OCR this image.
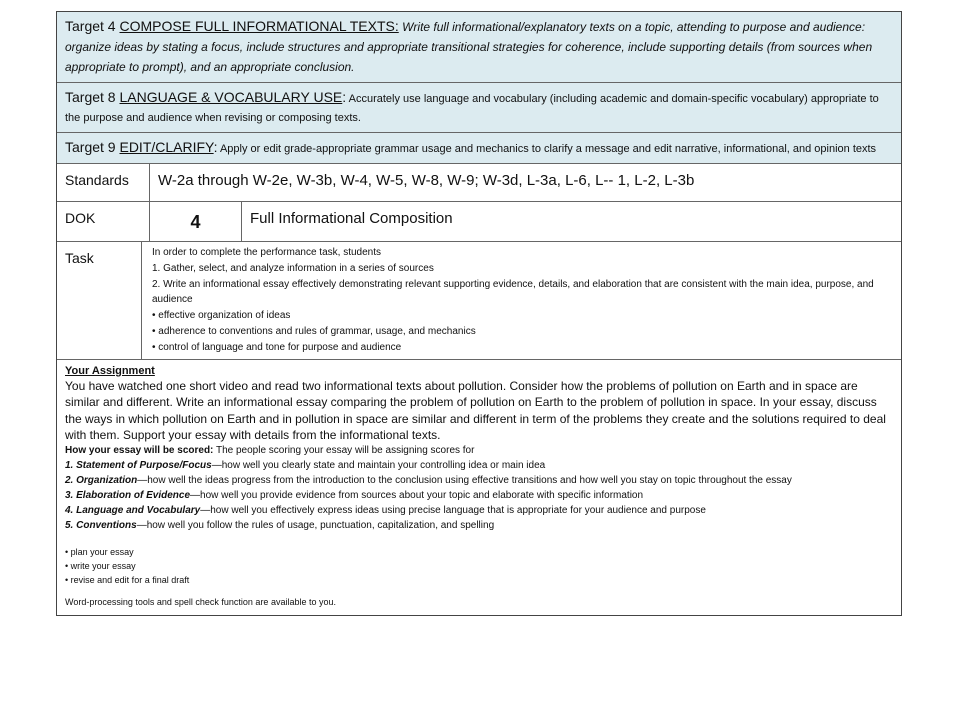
Target 4 COMPOSE FULL INFORMATIONAL TEXTS: Write full informational/explanatory texts on a topic, attending to purpose and audience: organize ideas by stating a focus, include structures and appropriate transitional strategies for coherence, include supporting details (from sources when appropriate to prompt), and an appropriate conclusion.
Target 8 LANGUAGE & VOCABULARY USE: Accurately use language and vocabulary (including academic and domain-specific vocabulary) appropriate to the purpose and audience when revising or composing texts.
Target 9 EDIT/CLARIFY: Apply or edit grade-appropriate grammar usage and mechanics to clarify a message and edit narrative, informational, and opinion texts
Standards	W-2a through W-2e, W-3b, W-4, W-5, W-8, W-9; W-3d, L-3a, L-6, L-- 1, L-2, L-3b
DOK	4	Full Informational Composition
Task	In order to complete the performance task, students
1. Gather, select, and analyze information in a series of sources
2. Write an informational essay effectively demonstrating relevant supporting evidence, details, and elaboration that are consistent with the main idea, purpose, and audience
• effective organization of ideas
• adherence to conventions and rules of grammar, usage, and mechanics
• control of language and tone for purpose and audience
Your Assignment
You have watched one short video and read two informational texts about pollution. Consider how the problems of pollution on Earth and in space are similar and different. Write an informational essay comparing the problem of pollution on Earth to the problem of pollution in space. In your essay, discuss the ways in which pollution on Earth and in pollution in space are similar and different in term of the problems they create and the solutions required to deal with them. Support your essay with details from the informational texts.
How your essay will be scored: The people scoring your essay will be assigning scores for
1. Statement of Purpose/Focus—how well you clearly state and maintain your controlling idea or main idea
2. Organization—how well the ideas progress from the introduction to the conclusion using effective transitions and how well you stay on topic throughout the essay
3. Elaboration of Evidence—how well you provide evidence from sources about your topic and elaborate with specific information
4. Language and Vocabulary—how well you effectively express ideas using precise language that is appropriate for your audience and purpose
5. Conventions—how well you follow the rules of usage, punctuation, capitalization, and spelling
• plan your essay
• write your essay
• revise and edit for a final draft
Word-processing tools and spell check function are available to you.
